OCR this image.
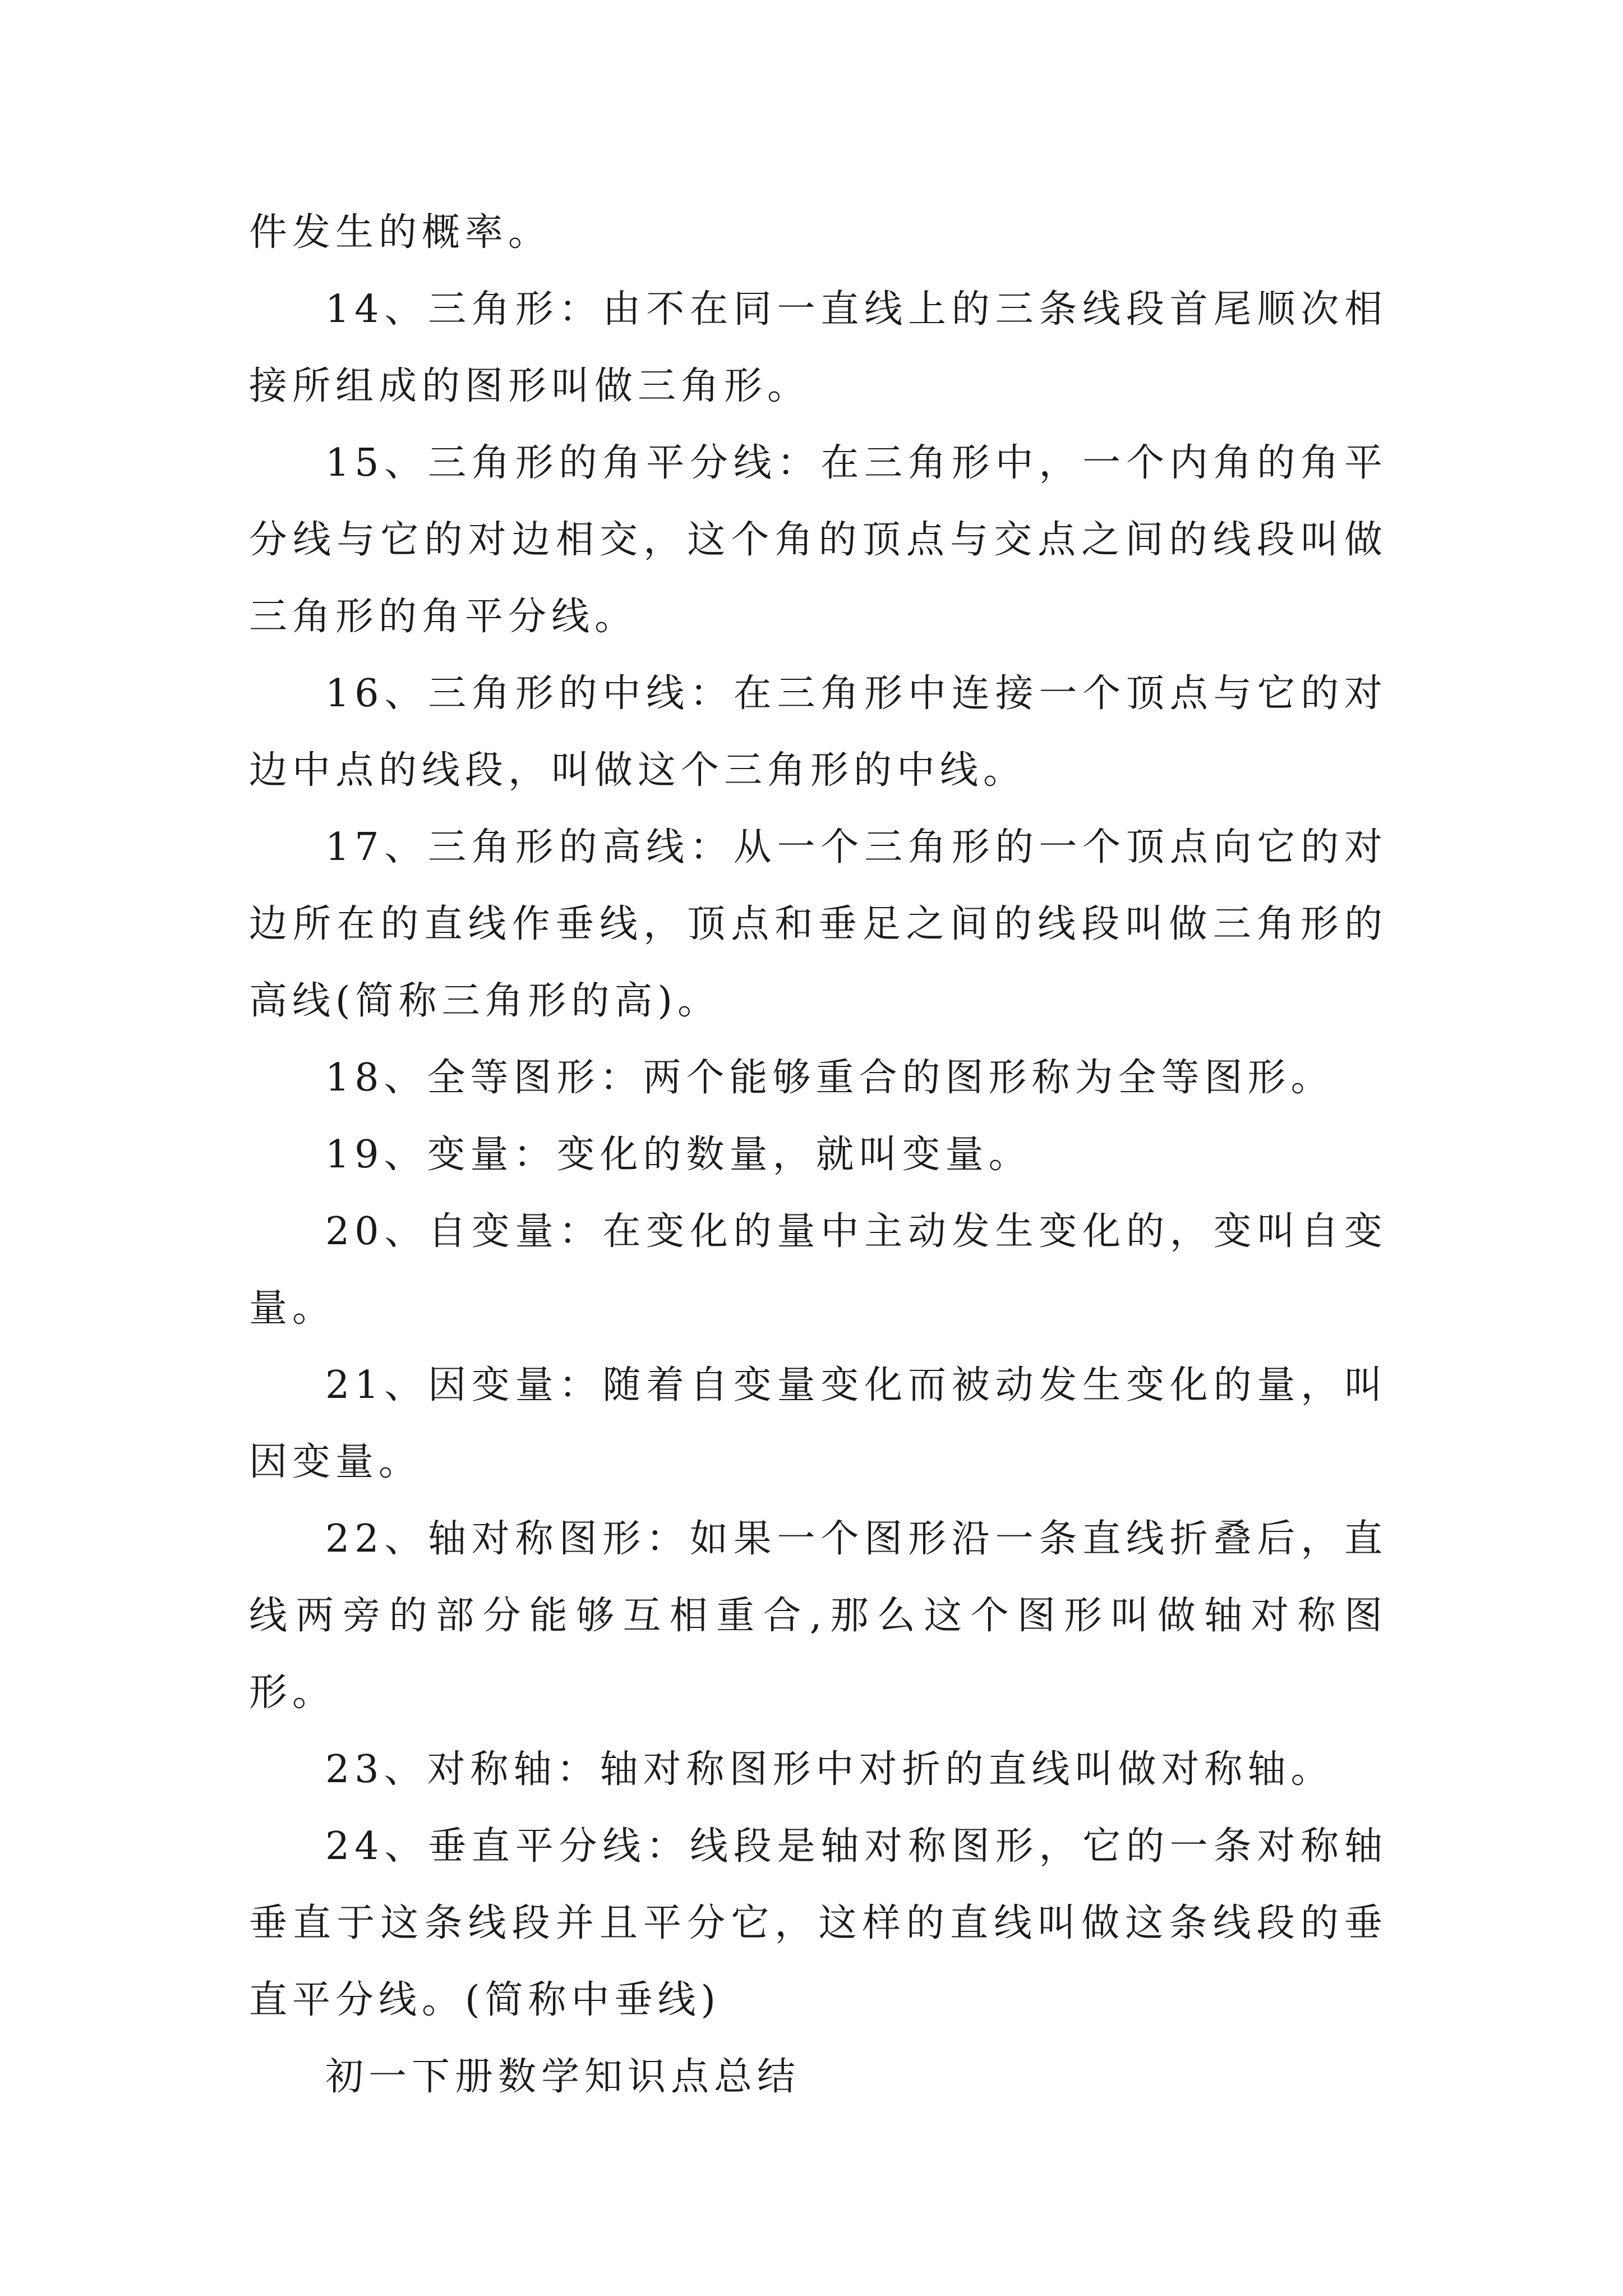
件发生的概率。

14、三角形：由不在同一直线上的三条线段首尾顺次相接所组成的图形叫做三角形。

15、三角形的角平分线：在三角形中，一个内角的角平分线与它的对边相交，这个角的顶点与交点之间的线段叫做三角形的角平分线。

16、三角形的中线：在三角形中连接一个顶点与它的对边中点的线段，叫做这个三角形的中线。

17、三角形的高线：从一个三角形的一个顶点向它的对边所在的直线作垂线，顶点和垂足之间的线段叫做三角形的高线(简称三角形的高)。

18、全等图形：两个能够重合的图形称为全等图形。

19、变量：变化的数量，就叫变量。

20、自变量：在变化的量中主动发生变化的，变叫自变量。

21、因变量：随着自变量变化而被动发生变化的量，叫因变量。

22、轴对称图形：如果一个图形沿一条直线折叠后，直线两旁的部分能够互相重合,那么这个图形叫做轴对称图形。

23、对称轴：轴对称图形中对折的直线叫做对称轴。

24、垂直平分线：线段是轴对称图形，它的一条对称轴垂直于这条线段并且平分它，这样的直线叫做这条线段的垂直平分线。(简称中垂线)

初一下册数学知识点总结
